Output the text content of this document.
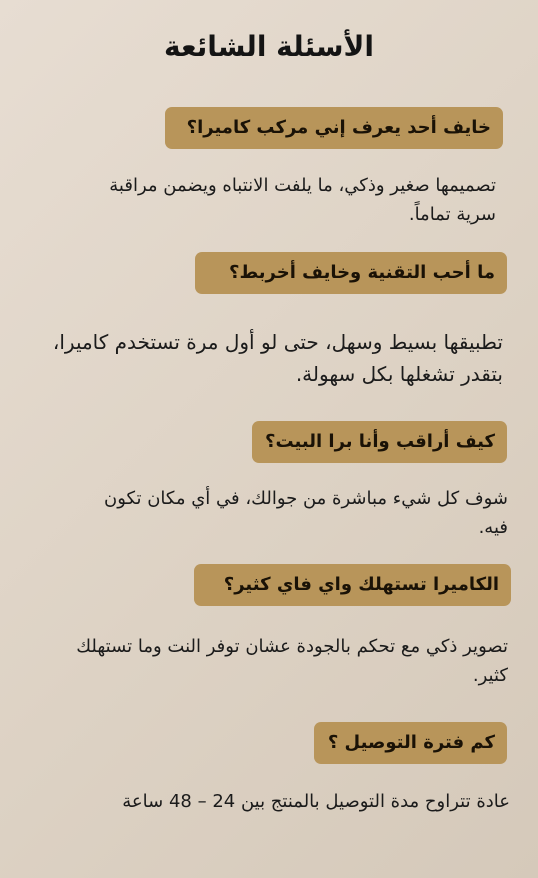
الأسئلة الشائعة
خايف أحد يعرف إني مركب كاميرا؟
تصميمها صغير وذكي، ما يلفت الانتباه ويضمن مراقبة سرية تماماً.
ما أحب التقنية وخايف أخربط؟
تطبيقها بسيط وسهل، حتى لو أول مرة تستخدم كاميرا، بتقدر تشغلها بكل سهولة.
كيف أراقب وأنا برا البيت؟
شوف كل شيء مباشرة من جوالك، في أي مكان تكون فيه.
الكاميرا تستهلك واي فاي كثير؟
تصوير ذكي مع تحكم بالجودة عشان توفر النت وما تستهلك كثير.
كم فترة التوصيل ؟
عادة تتراوح مدة التوصيل بالمنتج بين 24 – 48 ساعة
